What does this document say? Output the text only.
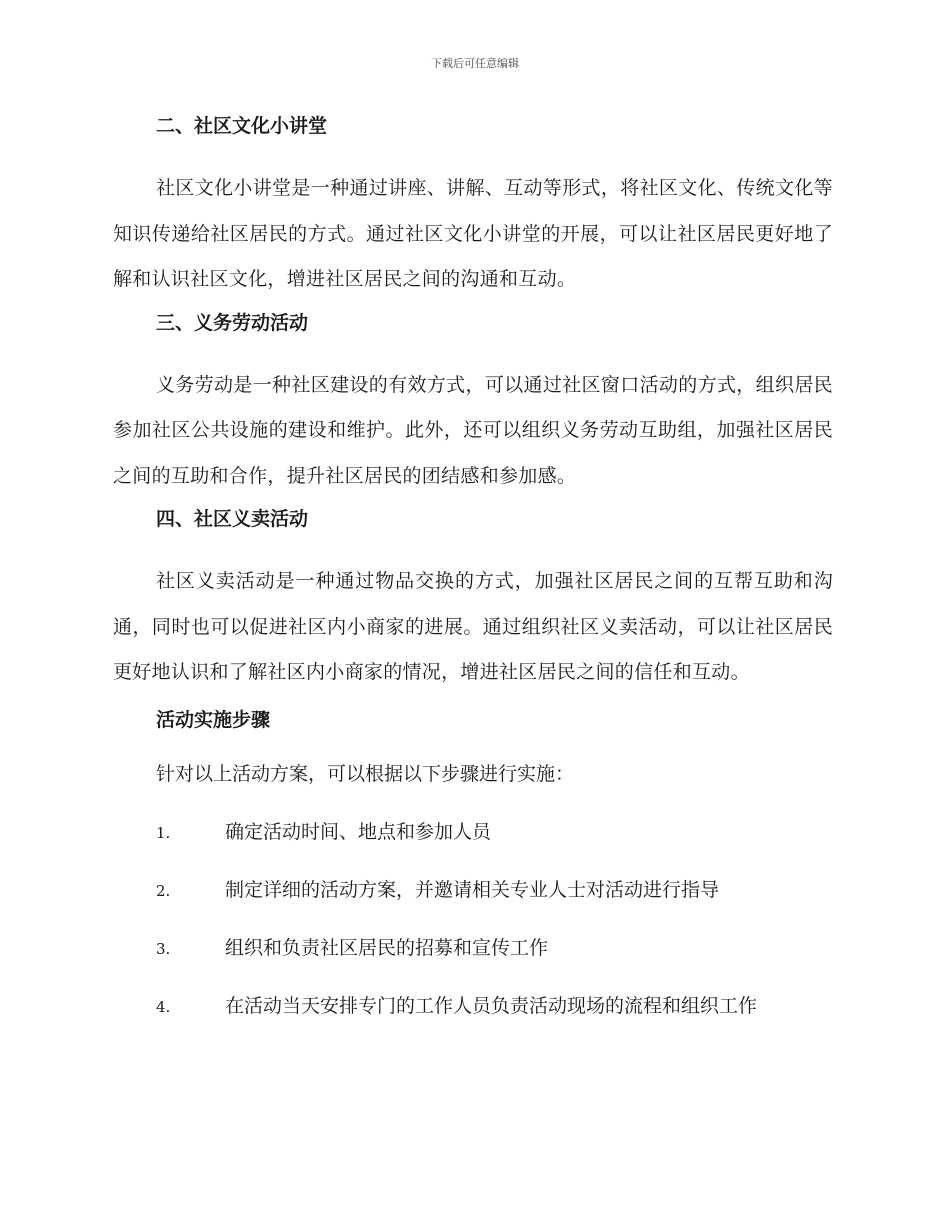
下载后可任意编辑
二、社区文化小讲堂

社区文化小讲堂是一种通过讲座、讲解、互动等形式，将社区文化、传统文化等知识传递给社区居民的方式。通过社区文化小讲堂的开展，可以让社区居民更好地了解和认识社区文化，增进社区居民之间的沟通和互动。

三、义务劳动活动

义务劳动是一种社区建设的有效方式，可以通过社区窗口活动的方式，组织居民参加社区公共设施的建设和维护。此外，还可以组织义务劳动互助组，加强社区居民之间的互助和合作，提升社区居民的团结感和参加感。

四、社区义卖活动

社区义卖活动是一种通过物品交换的方式，加强社区居民之间的互帮互助和沟通，同时也可以促进社区内小商家的进展。通过组织社区义卖活动，可以让社区居民更好地认识和了解社区内小商家的情况，增进社区居民之间的信任和互动。

活动实施步骤
针对以上活动方案，可以根据以下步骤进行实施：
1.	确定活动时间、地点和参加人员
2.	制定详细的活动方案，并邀请相关专业人士对活动进行指导
3.	组织和负责社区居民的招募和宣传工作
4.	在活动当天安排专门的工作人员负责活动现场的流程和组织工作
